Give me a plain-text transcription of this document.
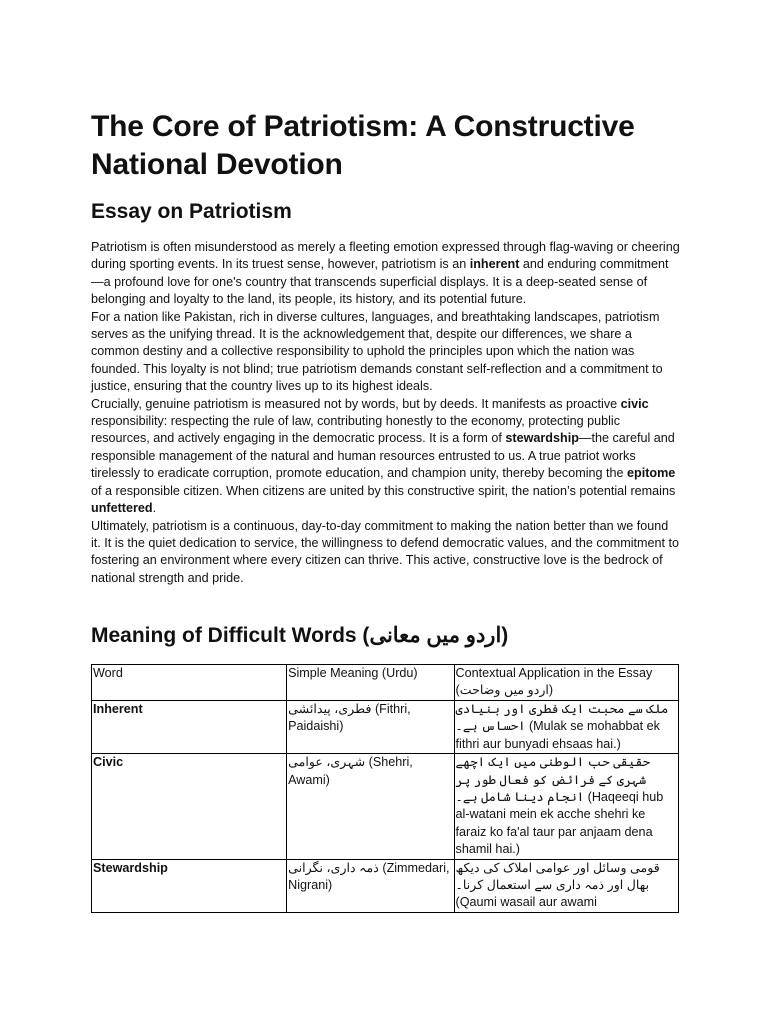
The Core of Patriotism: A Constructive National Devotion
Essay on Patriotism

Patriotism is often misunderstood as merely a fleeting emotion expressed through flag-waving or cheering during sporting events. In its truest sense, however, patriotism is an inherent and enduring commitment—a profound love for one's country that transcends superficial displays. It is a deep-seated sense of belonging and loyalty to the land, its people, its history, and its potential future.

For a nation like Pakistan, rich in diverse cultures, languages, and breathtaking landscapes, patriotism serves as the unifying thread. It is the acknowledgement that, despite our differences, we share a common destiny and a collective responsibility to uphold the principles upon which the nation was founded. This loyalty is not blind; true patriotism demands constant self-reflection and a commitment to justice, ensuring that the country lives up to its highest ideals.

Crucially, genuine patriotism is measured not by words, but by deeds. It manifests as proactive civic responsibility: respecting the rule of law, contributing honestly to the economy, protecting public resources, and actively engaging in the democratic process. It is a form of stewardship—the careful and responsible management of the natural and human resources entrusted to us. A true patriot works tirelessly to eradicate corruption, promote education, and champion unity, thereby becoming the epitome of a responsible citizen. When citizens are united by this constructive spirit, the nation’s potential remains unfettered.

Ultimately, patriotism is a continuous, day-to-day commitment to making the nation better than we found it. It is the quiet dedication to service, the willingness to defend democratic values, and the commitment to fostering an environment where every citizen can thrive. This active, constructive love is the bedrock of national strength and pride.

Meaning of Difficult Words (اردو میں معانی)
Word	Simple Meaning (Urdu)	Contextual Application in the Essay (اردو میں وضاحت)
Inherent	فطری، پیدائشی (Fithri, Paidaishi)	ملک سے محبت ایک فطری اور بنیادی احساس ہے۔ (Mulak se mohabbat ek fithri aur bunyadi ehsaas hai.)
Civic	شہری، عوامی (Shehri, Awami)	حقیقی حب الوطنی میں ایک اچھے شہری کے فرائض کو فعال طور پر انجام دینا شامل ہے۔ (Haqeeqi hub al-watani mein ek acche shehri ke faraiz ko fa'al taur par anjaam dena shamil hai.)
Stewardship	ذمہ داری، نگرانی (Zimmedari, Nigrani)	قومی وسائل اور عوامی املاک کی دیکھ بھال اور ذمہ داری سے استعمال کرنا۔ (Qaumi wasail aur awami
